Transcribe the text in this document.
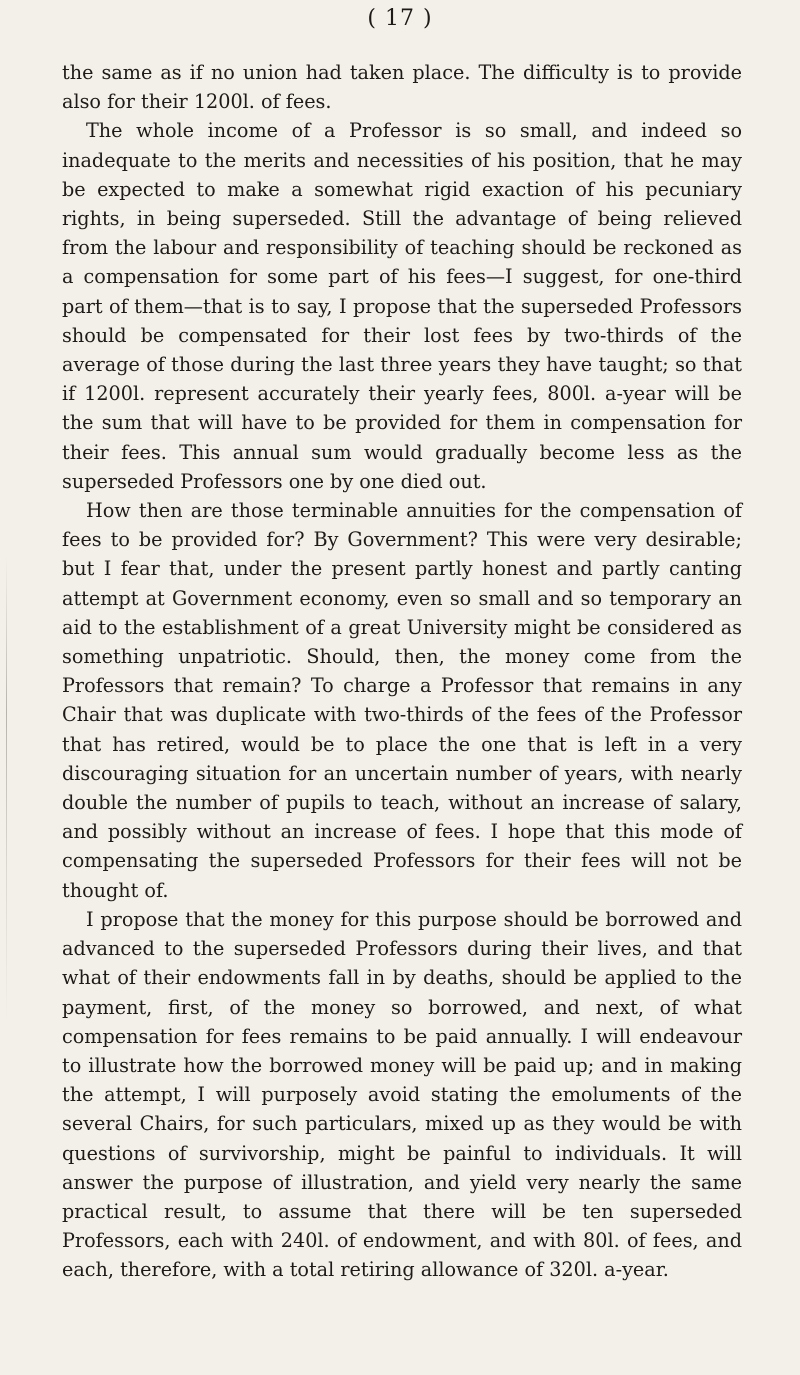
( 17 )

the same as if no union had taken place. The difficulty is to provide also for their 1200l. of fees.

The whole income of a Professor is so small, and indeed so inadequate to the merits and necessities of his position, that he may be expected to make a somewhat rigid exaction of his pecuniary rights, in being superseded. Still the advantage of being relieved from the labour and responsibility of teaching should be reckoned as a compensation for some part of his fees—I suggest, for one-third part of them—that is to say, I propose that the superseded Professors should be compensated for their lost fees by two-thirds of the average of those during the last three years they have taught; so that if 1200l. represent accurately their yearly fees, 800l. a-year will be the sum that will have to be provided for them in compensation for their fees. This annual sum would gradually become less as the superseded Professors one by one died out.

How then are those terminable annuities for the compensation of fees to be provided for? By Government? This were very desirable; but I fear that, under the present partly honest and partly canting attempt at Government economy, even so small and so temporary an aid to the establishment of a great University might be considered as something unpatriotic. Should, then, the money come from the Professors that remain? To charge a Professor that remains in any Chair that was duplicate with two-thirds of the fees of the Professor that has retired, would be to place the one that is left in a very discouraging situation for an uncertain number of years, with nearly double the number of pupils to teach, without an increase of salary, and possibly without an increase of fees. I hope that this mode of compensating the superseded Professors for their fees will not be thought of.

I propose that the money for this purpose should be borrowed and advanced to the superseded Professors during their lives, and that what of their endowments fall in by deaths, should be applied to the payment, first, of the money so borrowed, and next, of what compensation for fees remains to be paid annually. I will endeavour to illustrate how the borrowed money will be paid up; and in making the attempt, I will purposely avoid stating the emoluments of the several Chairs, for such particulars, mixed up as they would be with questions of survivorship, might be painful to individuals. It will answer the purpose of illustration, and yield very nearly the same practical result, to assume that there will be ten superseded Professors, each with 240l. of endowment, and with 80l. of fees, and each, therefore, with a total retiring allowance of 320l. a-year.
